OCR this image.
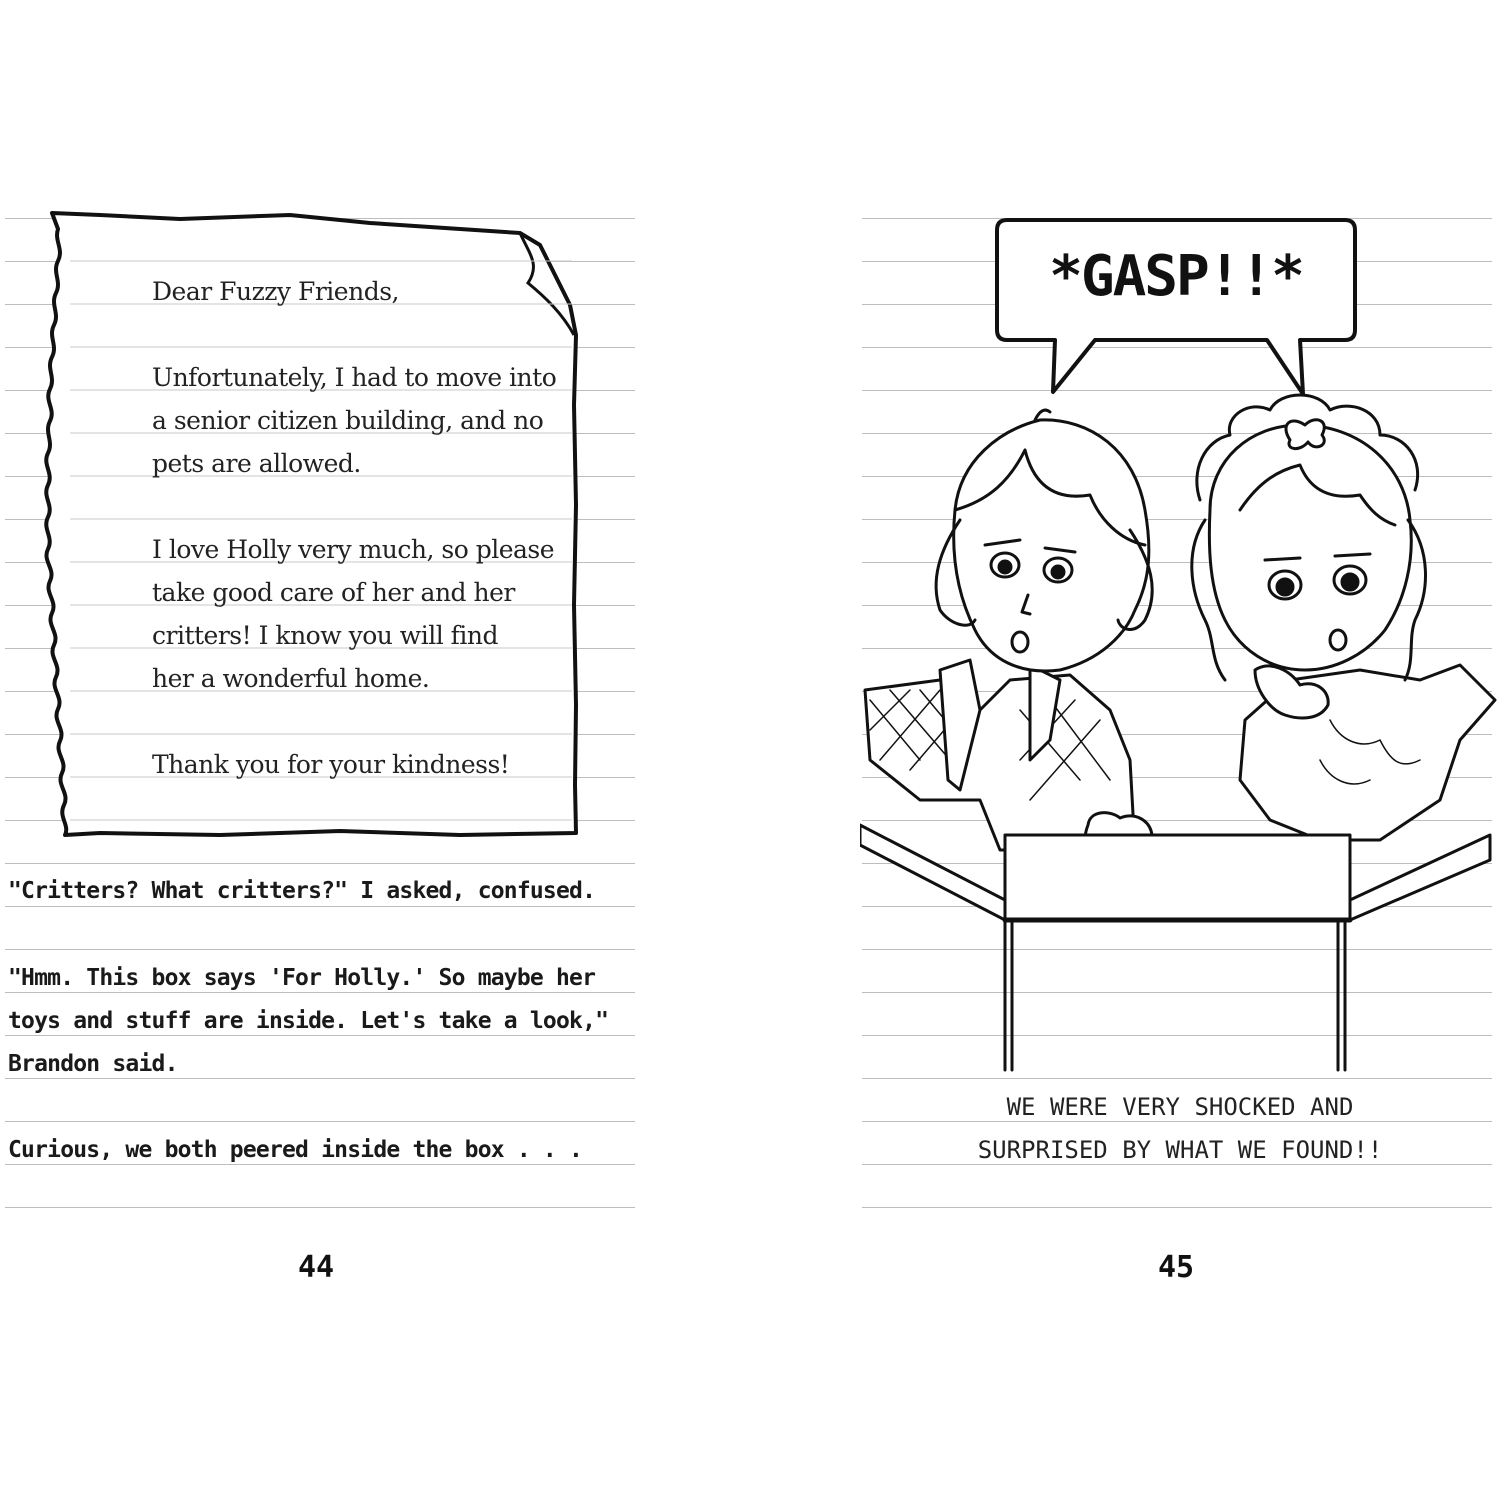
Dear Fuzzy Friends,
Unfortunately, I had to move into
a senior citizen building, and no
pets are allowed.
I love Holly very much, so please
take good care of her and her
critters! I know you will find
her a wonderful home.
Thank you for your kindness!
"Critters? What critters?" I asked, confused.
"Hmm. This box says 'For Holly.' So maybe her
toys and stuff are inside. Let's take a look,"
Brandon said.
Curious, we both peered inside the box . . .
44
*GASP!!*
WE WERE VERY SHOCKED AND
SURPRISED BY WHAT WE FOUND!!
45
